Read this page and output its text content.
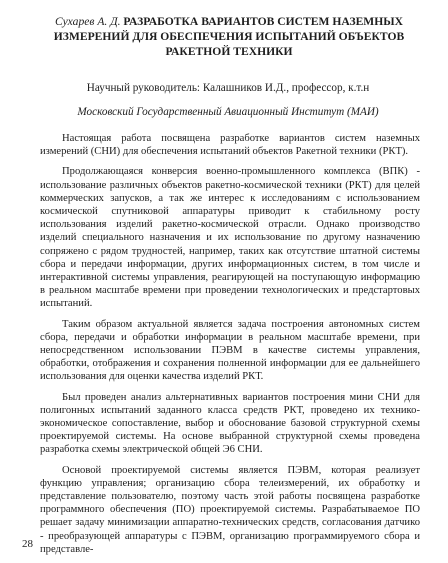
Сухарев А. Д. РАЗРАБОТКА ВАРИАНТОВ СИСТЕМ НАЗЕМНЫХ
ИЗМЕРЕНИЙ ДЛЯ ОБЕСПЕЧЕНИЯ ИСПЫТАНИЙ ОБЪЕКТОВ
РАКЕТНОЙ ТЕХНИКИ
Научный руководитель: Калашников И.Д., профессор, к.т.н
Московский Государственный Авиационный Институт (МАИ)

Настоящая работа посвящена разработке вариантов систем наземных измерений (СНИ) для обеспечения испытаний объектов Ракетной техники (РКТ).

Продолжающаяся конверсия военно-промышленного комплекса (ВПК) - использование различных объектов ракетно-космической техники (РКТ) для целей коммерческих запусков, а так же интерес к исследованиям с использованием космической спутниковой аппаратуры приводит к стабильному росту использования изделий ракетно-космической отрасли. Однако производство изделий специального назначения и их использование по другому назначению сопряжено с рядом трудностей, например, таких как отсутствие штатной системы сбора и передачи информации, других информационных систем, в том числе и интерактивной системы управления, реагирующей на поступающую информацию в реальном масштабе времени при проведении технологических и предстартовых испытаний.

Таким образом актуальной является задача построения автономных систем сбора, передачи и обработки информации в реальном масштабе времени, при непосредственном использовании ПЭВМ в качестве системы управления, обработки, отображения и сохранения полненной информации для ее дальнейшего использования для оценки качества изделий РКТ.

Был проведен анализ альтернативных вариантов построения мини СНИ для полигонных испытаний заданного класса средств РКТ, проведено их технико-экономическое сопоставление, выбор и обоснование базовой структурной схемы проектируемой системы. На основе выбранной структурной схемы проведена разработка схемы электрической общей Э6 СНИ.

Основой проектируемой системы является ПЭВМ, которая реализует функцию управления; организацию сбора телеизмерений, их обработку и представление пользователю, поэтому часть этой работы посвящена разработке программного обеспечения (ПО) проектируемой системы. Разрабатываемое ПО решает задачу минимизации аппаратно-технических средств, согласования датчико - преобразующей аппаратуры с ПЭВМ, организацию программируемого сбора и представле-

28
